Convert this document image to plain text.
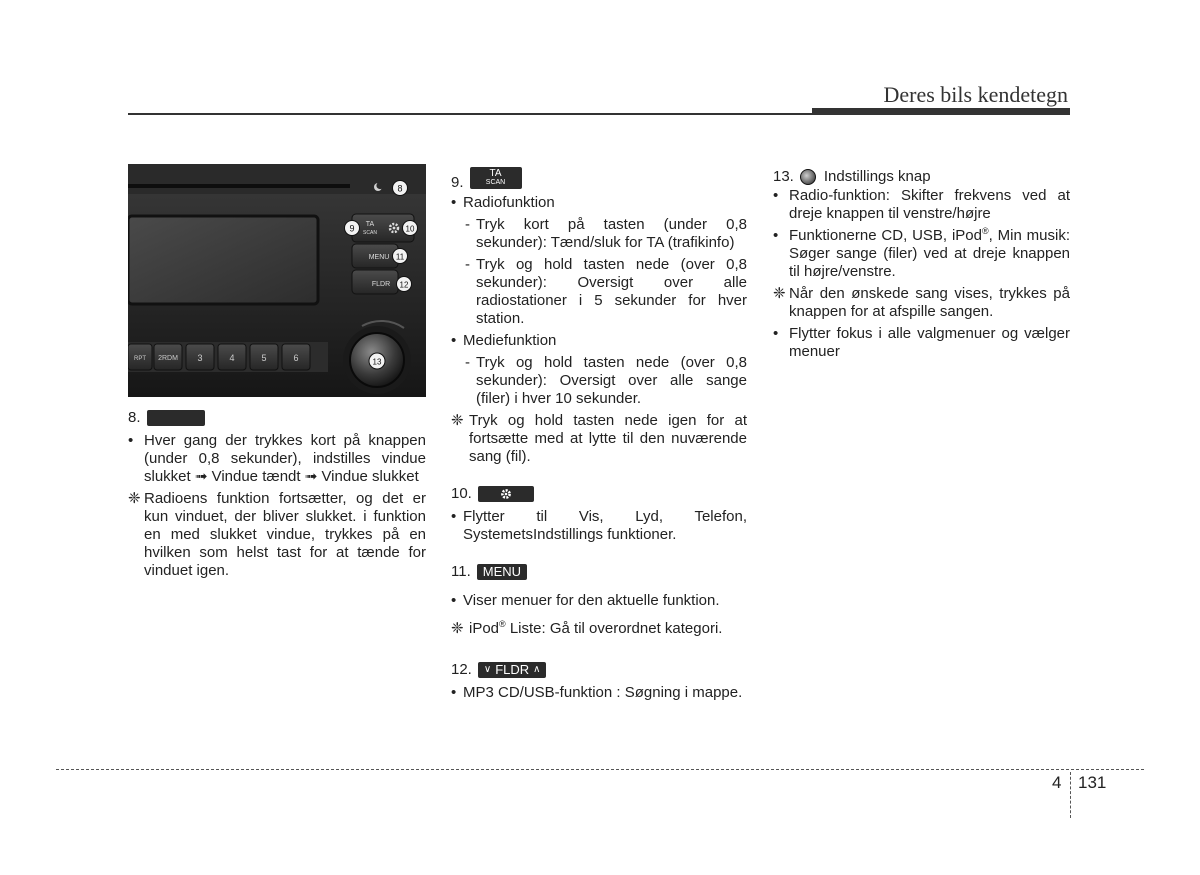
Deres bils kendetegn
TA
SCAN
MENU
FLDR
RPT 2RDM 3	4	5	6
8
9	10
11
12
13
8.
• Hver gang der trykkes kort på knappen (under 0,8 sekunder), indstilles vindue slukket ➟ Vindue tændt ➟ Vindue slukket
❈ Radioens funktion fortsætter, og det er kun vinduet, der bliver slukket. i funktion en med slukket vindue, trykkes på en hvilken som helst tast for at tænde for vinduet igen.
9.
TA
SCAN
• Radiofunktion
- Tryk kort på tasten (under 0,8 sekunder): Tænd/sluk for TA (trafikinfo)
- Tryk og hold tasten nede (over 0,8 sekunder): Oversigt over alle radiostationer i 5 sekunder for hver station.
• Mediefunktion
- Tryk og hold tasten nede (over 0,8 sekunder): Oversigt over alle sange (filer) i hver 10 sekunder.
❈ Tryk og hold tasten nede igen for at fortsætte med at lytte til den nuværende sang (fil).
10.
• Flytter til Vis, Lyd, Telefon, SystemetsIndstillings funktioner.
11. MENU
• Viser menuer for den aktuelle funktion.
❈ iPod® Liste: Gå til overordnet kategori.
12. ∨ FLDR ∧
• MP3 CD/USB-funktion : Søgning i mappe.
13. Indstillings knap
• Radio-funktion: Skifter frekvens ved at dreje knappen til venstre/højre
• Funktionerne CD, USB, iPod®, Min musik: Søger sange (filer) ved at dreje knappen til højre/venstre.
❈ Når den ønskede sang vises, trykkes på knappen for at afspille sangen.
• Flytter fokus i alle valgmenuer og vælger menuer
4 131
